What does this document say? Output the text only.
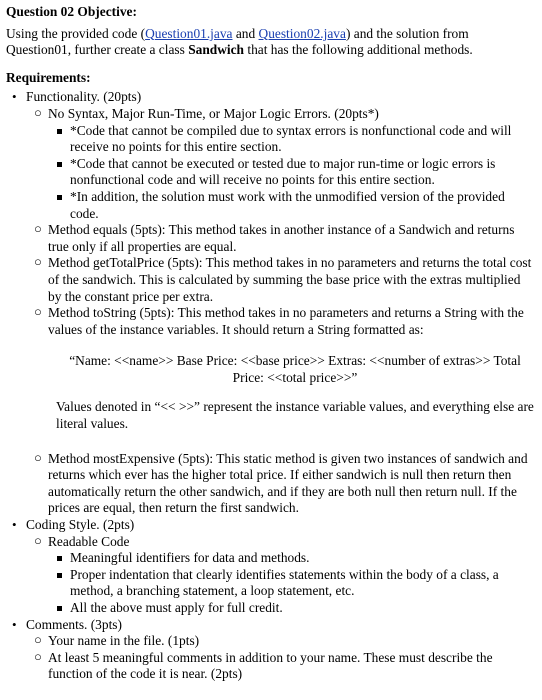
Question 02 Objective:

Using the provided code (Question01.java and Question02.java) and the solution from Question01, further create a class Sandwich that has the following additional methods.

Requirements:

• Functionality. (20pts)
○ No Syntax, Major Run-Time, or Major Logic Errors. (20pts*)
*Code that cannot be compiled due to syntax errors is nonfunctional code and will receive no points for this entire section.
*Code that cannot be executed or tested due to major run-time or logic errors is nonfunctional code and will receive no points for this entire section.
*In addition, the solution must work with the unmodified version of the provided code.
○ Method equals (5pts): This method takes in another instance of a Sandwich and returns true only if all properties are equal.
○ Method getTotalPrice (5pts): This method takes in no parameters and returns the total cost of the sandwich. This is calculated by summing the base price with the extras multiplied by the constant price per extra.
○ Method toString (5pts): This method takes in no parameters and returns a String with the values of the instance variables. It should return a String formatted as:

“Name: <<name>> Base Price: <<base price>> Extras: <<number of extras>> Total Price: <<total price>>”

Values denoted in “<< >>” represent the instance variable values, and everything else are literal values.

○ Method mostExpensive (5pts): This static method is given two instances of sandwich and returns which ever has the higher total price. If either sandwich is null then return then automatically return the other sandwich, and if they are both null then return null. If the prices are equal, then return the first sandwich.
• Coding Style. (2pts)
○ Readable Code
Meaningful identifiers for data and methods.
Proper indentation that clearly identifies statements within the body of a class, a method, a branching statement, a loop statement, etc.
All the above must apply for full credit.
• Comments. (3pts)
○ Your name in the file. (1pts)
○ At least 5 meaningful comments in addition to your name. These must describe the function of the code it is near. (2pts)
